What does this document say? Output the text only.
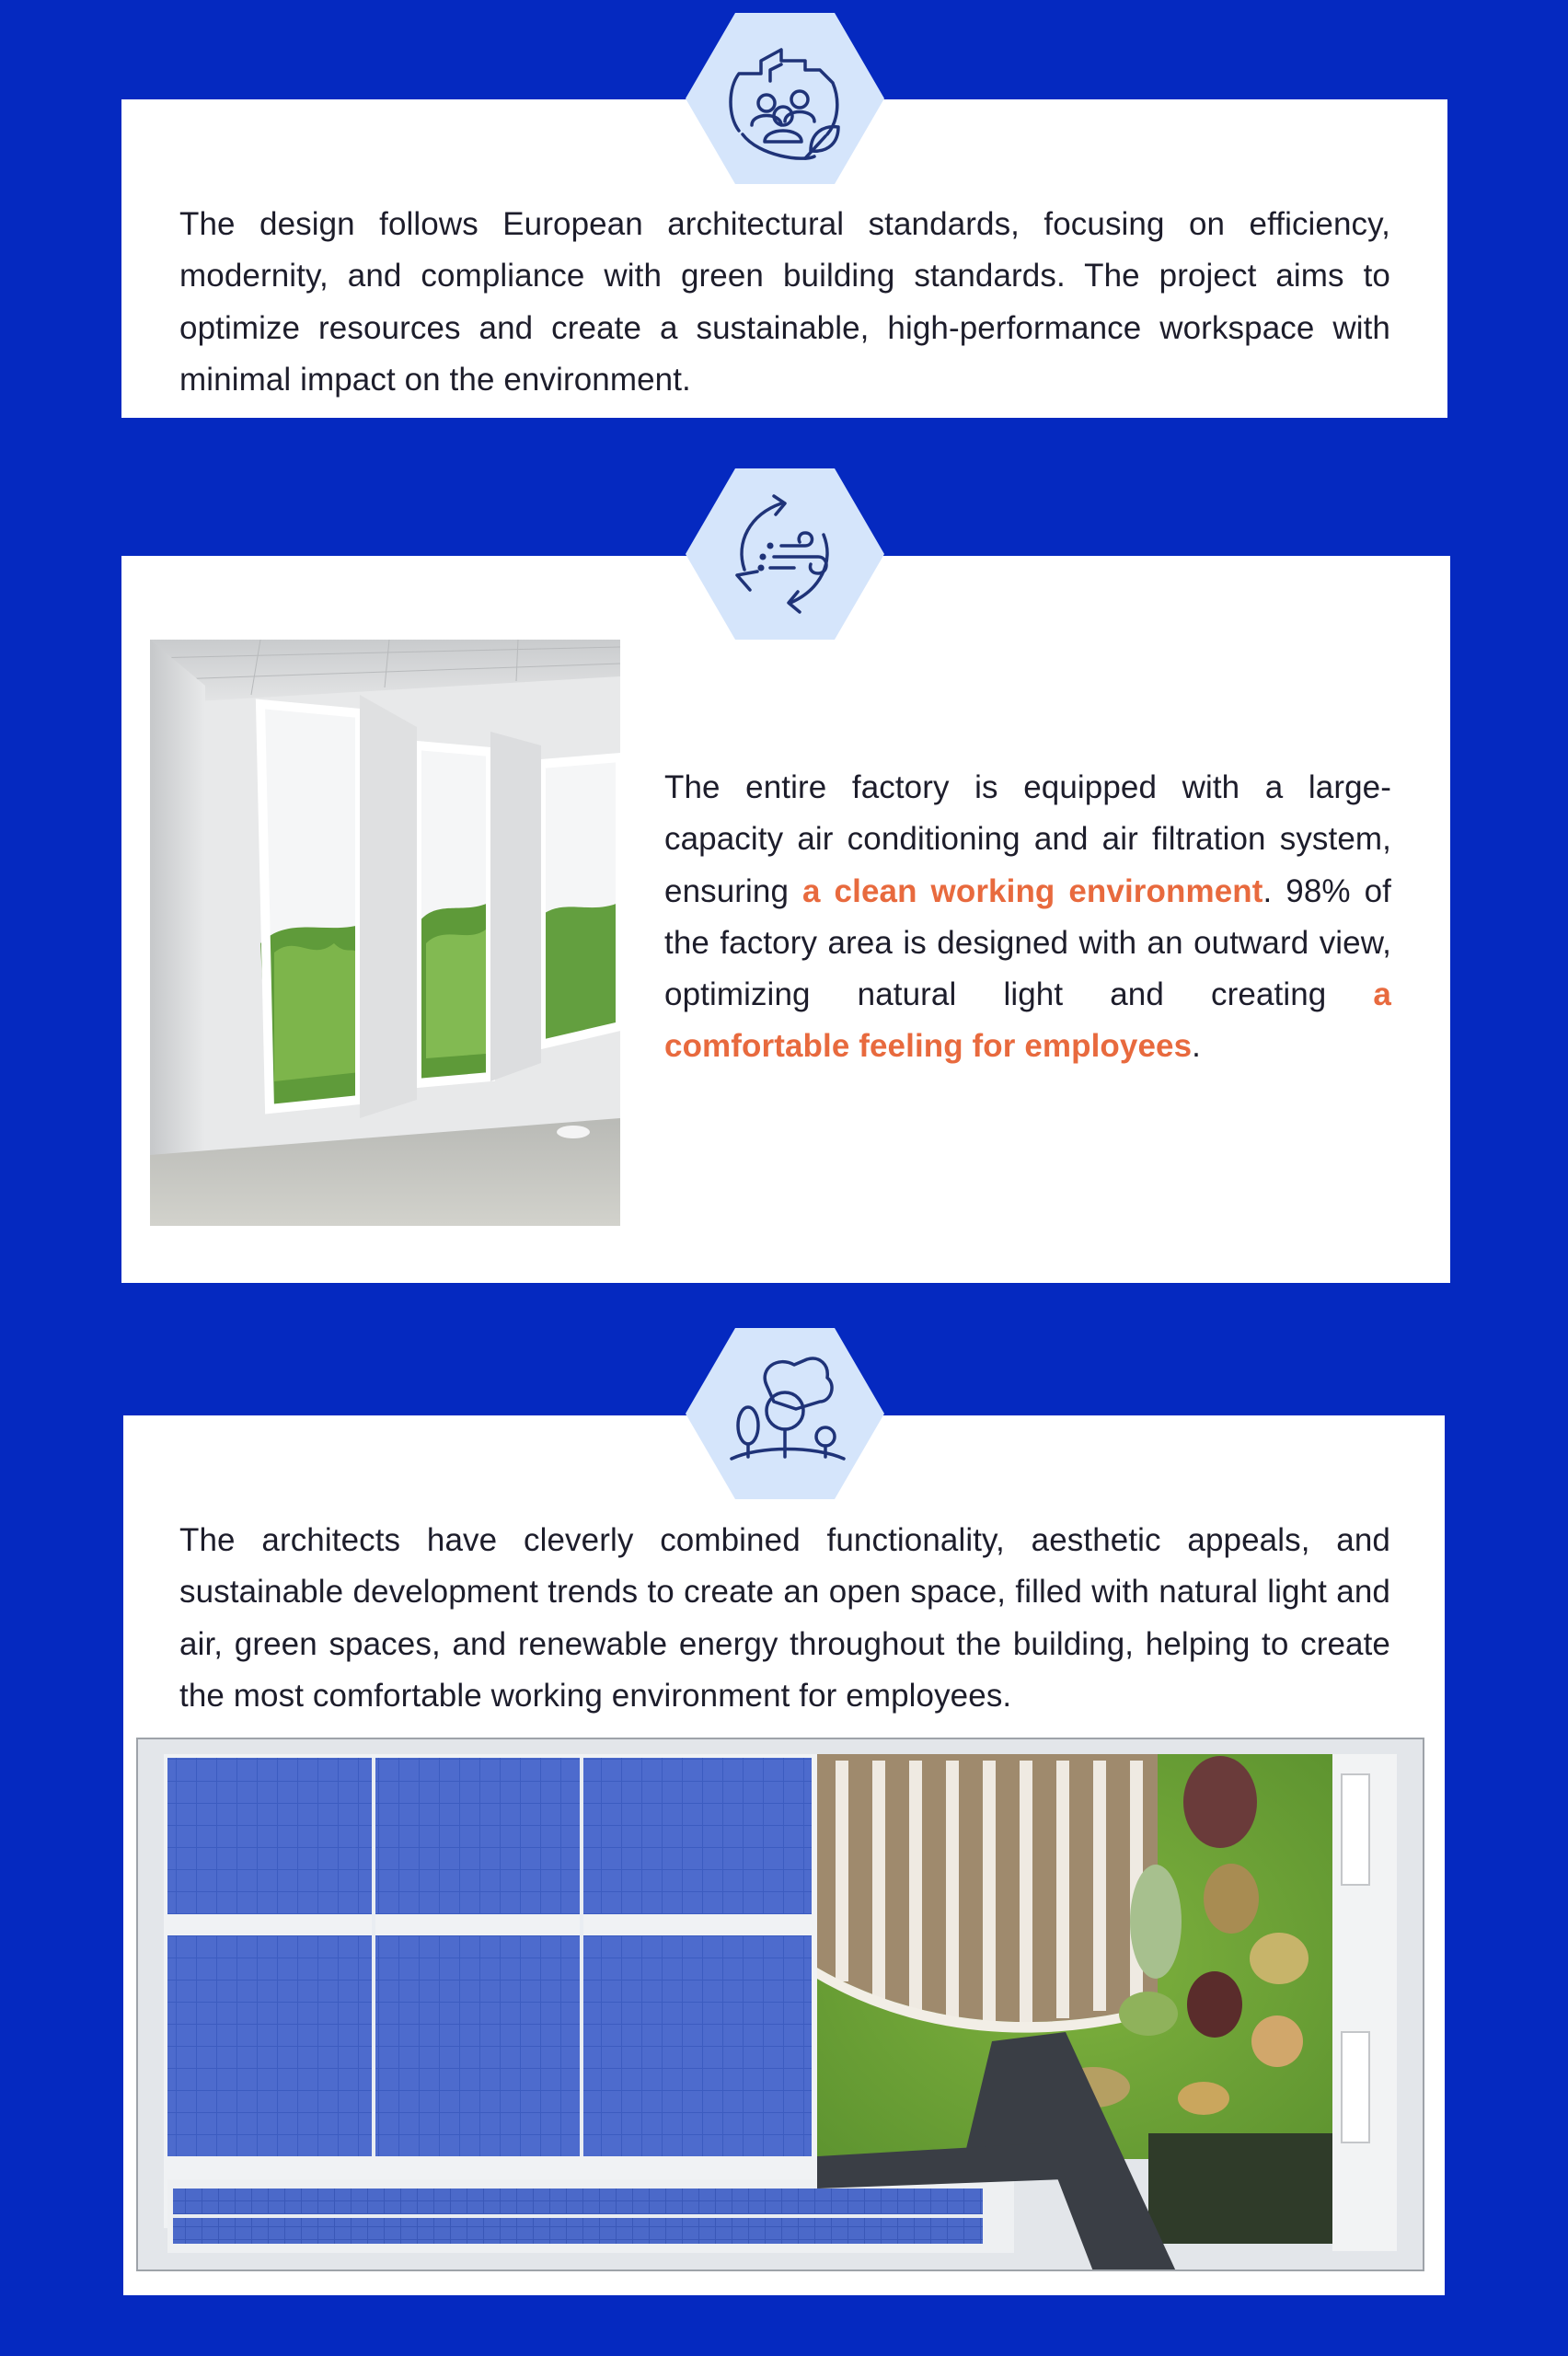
The design follows European architectural standards, focusing on efficiency, modernity, and compliance with green building standards. The project aims to optimize resources and create a sustainable, high-performance workspace with minimal impact on the environment.
The entire factory is equipped with a large-capacity air conditioning and air filtration system, ensuring a clean working environment. 98% of the factory area is designed with an outward view, optimizing natural light and creating a comfortable feeling for employees.
The architects have cleverly combined functionality, aesthetic appeals, and sustainable development trends to create an open space, filled with natural light and air, green spaces, and renewable energy throughout the building, helping to create the most comfortable working environment for employees.
